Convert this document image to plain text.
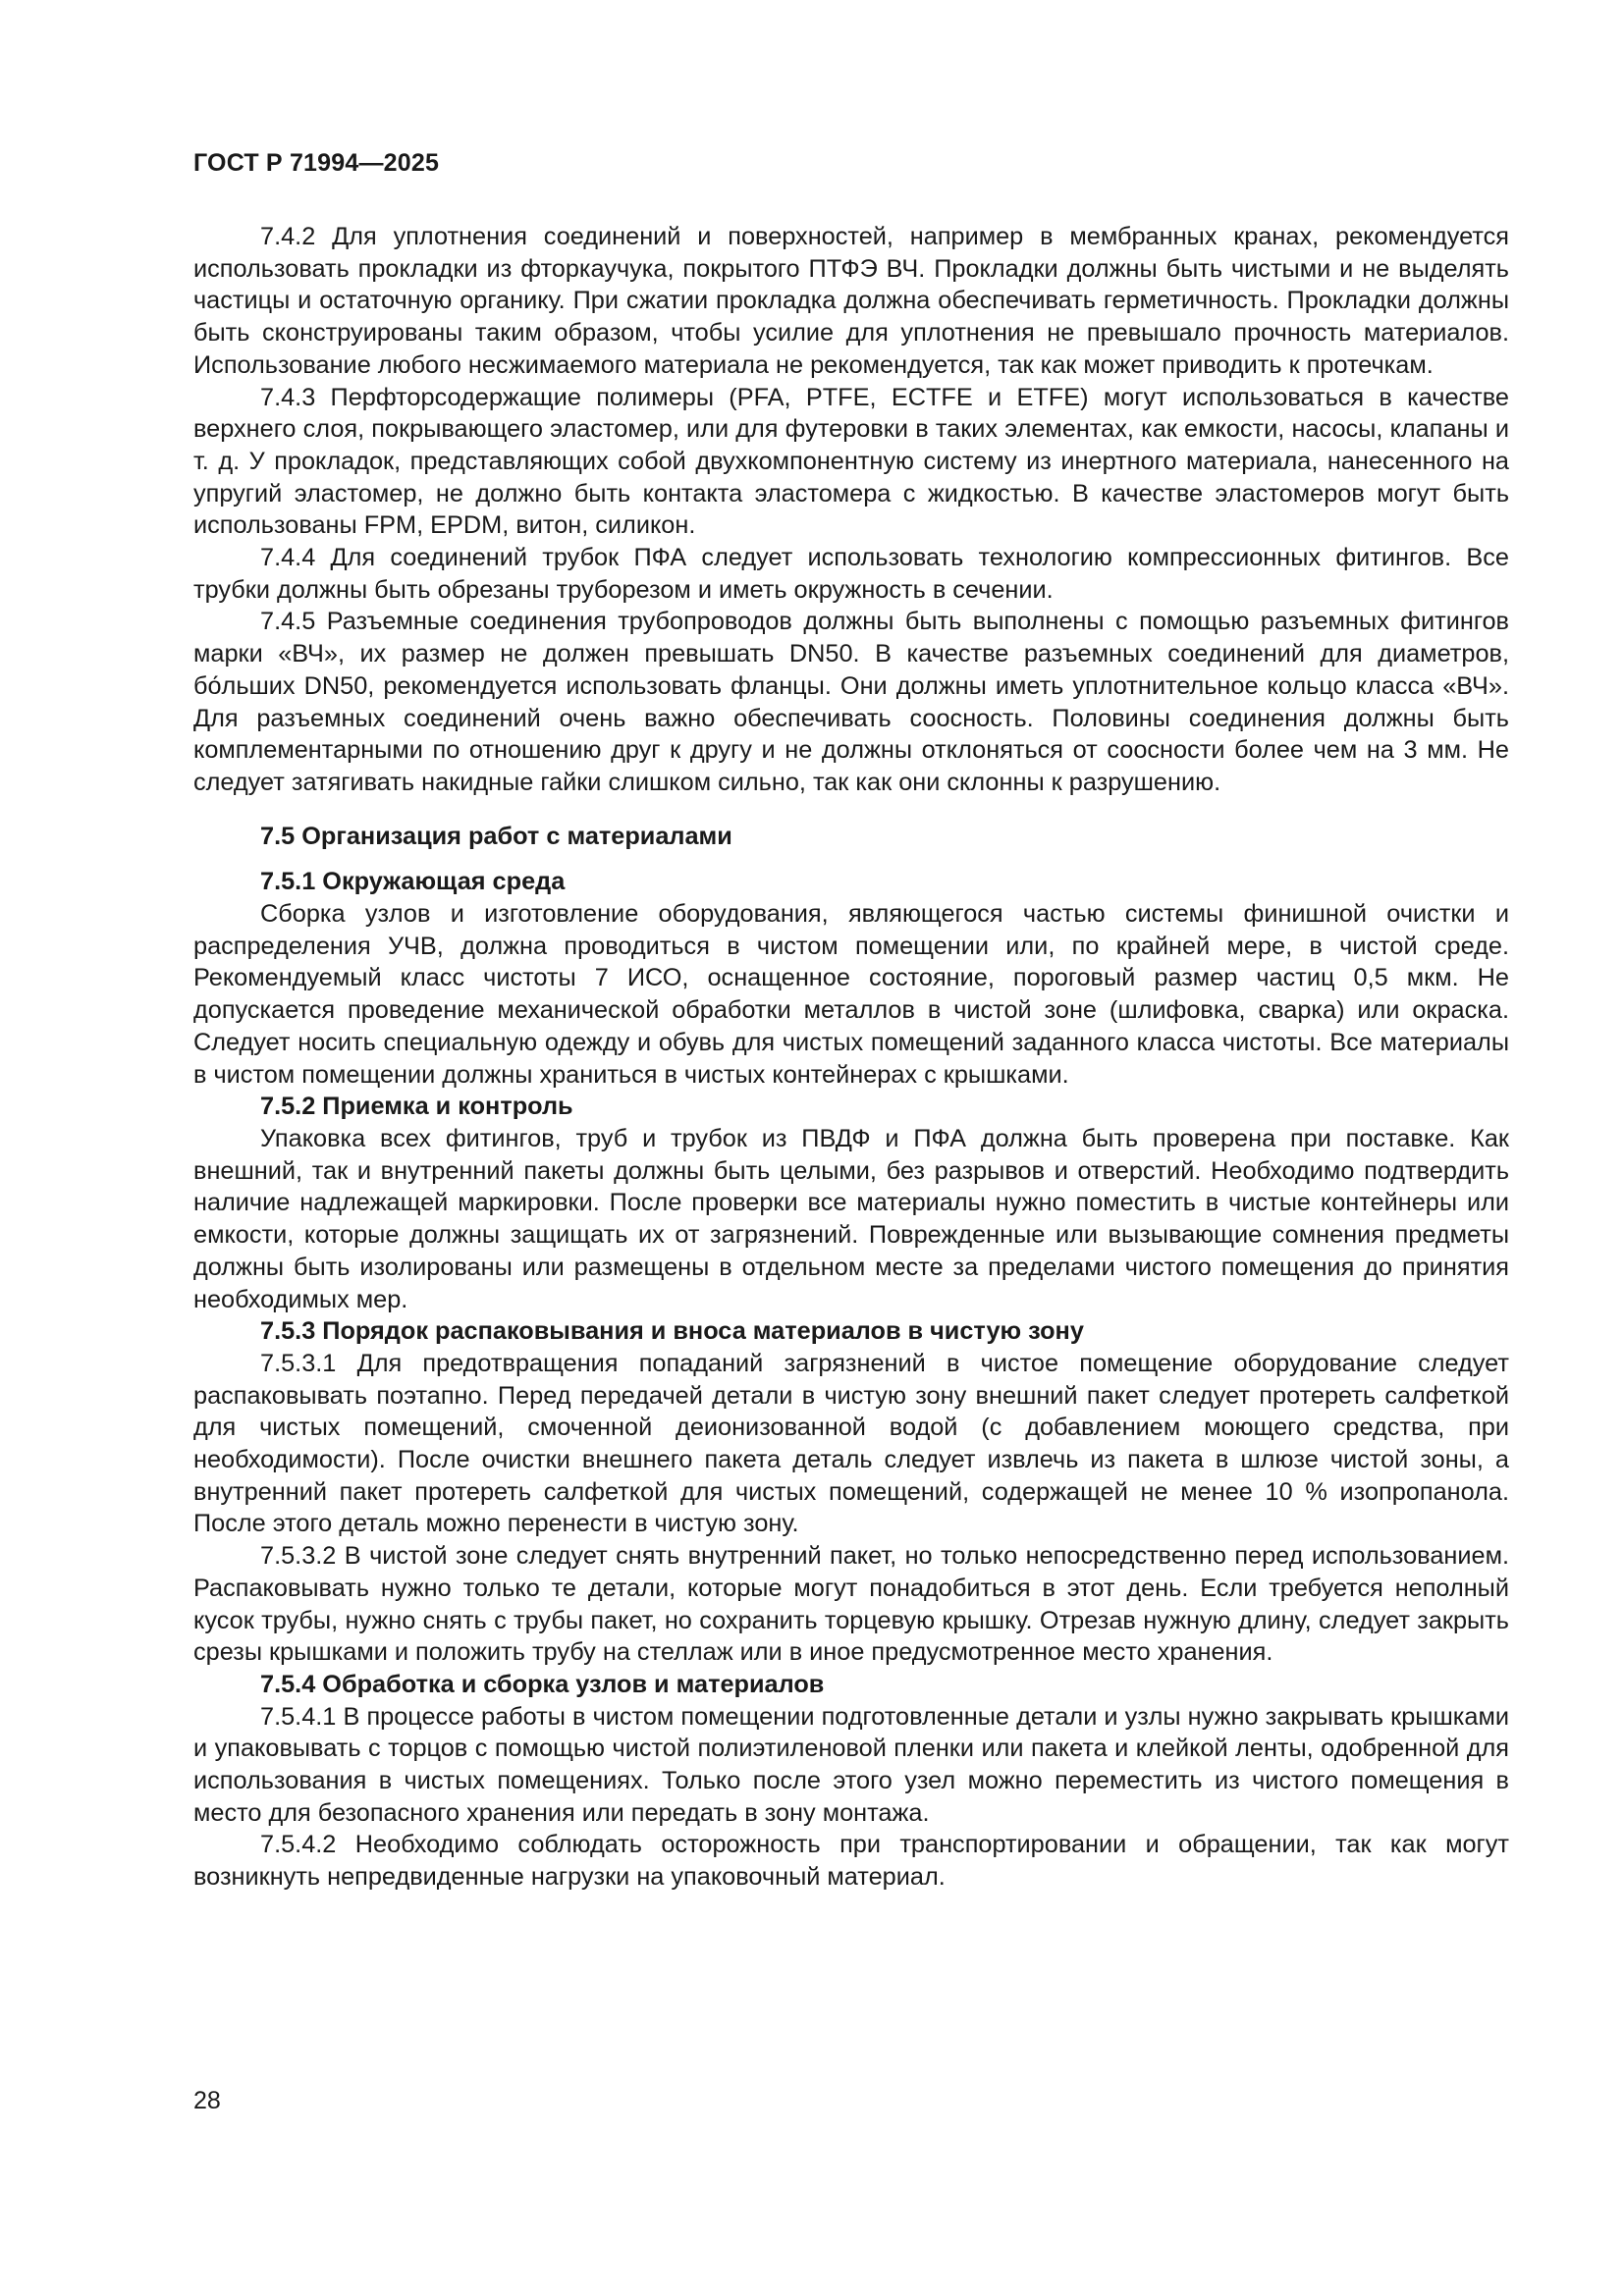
ГОСТ Р 71994—2025

7.4.2 Для уплотнения соединений и поверхностей, например в мембранных кранах, рекомендуется использовать прокладки из фторкаучука, покрытого ПТФЭ ВЧ. Прокладки должны быть чистыми и не выделять частицы и остаточную органику. При сжатии прокладка должна обеспечивать герметичность. Прокладки должны быть сконструированы таким образом, чтобы усилие для уплотнения не превышало прочность материалов. Использование любого несжимаемого материала не рекомендуется, так как может приводить к протечкам.

7.4.3 Перфторсодержащие полимеры (PFA, PTFE, ECTFE и ETFE) могут использоваться в качестве верхнего слоя, покрывающего эластомер, или для футеровки в таких элементах, как емкости, насосы, клапаны и т. д. У прокладок, представляющих собой двухкомпонентную систему из инертного материала, нанесенного на упругий эластомер, не должно быть контакта эластомера с жидкостью. В качестве эластомеров могут быть использованы FPM, EPDM, витон, силикон.

7.4.4 Для соединений трубок ПФА следует использовать технологию компрессионных фитингов. Все трубки должны быть обрезаны труборезом и иметь окружность в сечении.

7.4.5 Разъемные соединения трубопроводов должны быть выполнены с помощью разъемных фитингов марки «ВЧ», их размер не должен превышать DN50. В качестве разъемных соединений для диаметров, бо́льших DN50, рекомендуется использовать фланцы. Они должны иметь уплотнительное кольцо класса «ВЧ». Для разъемных соединений очень важно обеспечивать соосность. Половины соединения должны быть комплементарными по отношению друг к другу и не должны отклоняться от соосности более чем на 3 мм. Не следует затягивать накидные гайки слишком сильно, так как они склонны к разрушению.

7.5 Организация работ с материалами
7.5.1 Окружающая среда

Сборка узлов и изготовление оборудования, являющегося частью системы финишной очистки и распределения УЧВ, должна проводиться в чистом помещении или, по крайней мере, в чистой среде. Рекомендуемый класс чистоты 7 ИСО, оснащенное состояние, пороговый размер частиц 0,5 мкм. Не допускается проведение механической обработки металлов в чистой зоне (шлифовка, сварка) или окраска. Следует носить специальную одежду и обувь для чистых помещений заданного класса чистоты. Все материалы в чистом помещении должны храниться в чистых контейнерах с крышками.

7.5.2 Приемка и контроль

Упаковка всех фитингов, труб и трубок из ПВДФ и ПФА должна быть проверена при поставке. Как внешний, так и внутренний пакеты должны быть целыми, без разрывов и отверстий. Необходимо подтвердить наличие надлежащей маркировки. После проверки все материалы нужно поместить в чистые контейнеры или емкости, которые должны защищать их от загрязнений. Поврежденные или вызывающие сомнения предметы должны быть изолированы или размещены в отдельном месте за пределами чистого помещения до принятия необходимых мер.

7.5.3 Порядок распаковывания и вноса материалов в чистую зону

7.5.3.1 Для предотвращения попаданий загрязнений в чистое помещение оборудование следует распаковывать поэтапно. Перед передачей детали в чистую зону внешний пакет следует протереть салфеткой для чистых помещений, смоченной деионизованной водой (с добавлением моющего средства, при необходимости). После очистки внешнего пакета деталь следует извлечь из пакета в шлюзе чистой зоны, а внутренний пакет протереть салфеткой для чистых помещений, содержащей не менее 10 % изопропанола. После этого деталь можно перенести в чистую зону.

7.5.3.2 В чистой зоне следует снять внутренний пакет, но только непосредственно перед использованием. Распаковывать нужно только те детали, которые могут понадобиться в этот день. Если требуется неполный кусок трубы, нужно снять с трубы пакет, но сохранить торцевую крышку. Отрезав нужную длину, следует закрыть срезы крышками и положить трубу на стеллаж или в иное предусмотренное место хранения.

7.5.4 Обработка и сборка узлов и материалов

7.5.4.1 В процессе работы в чистом помещении подготовленные детали и узлы нужно закрывать крышками и упаковывать с торцов с помощью чистой полиэтиленовой пленки или пакета и клейкой ленты, одобренной для использования в чистых помещениях. Только после этого узел можно переместить из чистого помещения в место для безопасного хранения или передать в зону монтажа.

7.5.4.2 Необходимо соблюдать осторожность при транспортировании и обращении, так как могут возникнуть непредвиденные нагрузки на упаковочный материал.

28
